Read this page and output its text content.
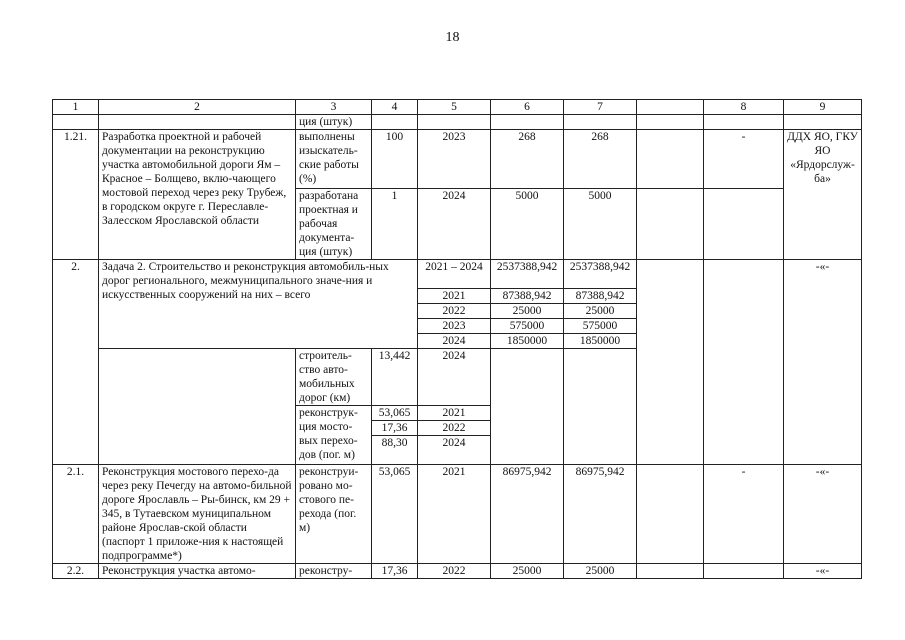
18
1	2	3	4	5	6	7		8	9
		ция (штук)							
1.21.	Разработка проектной и рабочей документации на реконструкцию участка автомобильной дороги Ям – Красное – Болщево, вклю-чающего мостовой переход через реку Трубеж, в городском округе г. Переславле-Залесском Ярославской области	выполнены изыскатель-ские работы (%)	100	2023	268	268		-	ДДХ ЯО, ГКУ ЯО «Ярдорслуж-ба»
		разработана проектная и рабочая документа-ция (штук)	1	2024	5000	5000			
2.	Задача 2. Строительство и реконструкция автомобиль-ных дорог регионального, межмуниципального значе-ния и искусственных сооружений на них – всего			2021 – 2024	2537388,942	2537388,942			-«-
				2021	87388,942	87388,942			
				2022	25000	25000			
				2023	575000	575000			
				2024	1850000	1850000			
		строитель-ство авто-мобильных дорог (км)	13,442	2024					
		реконструк-ция мосто-вых перехо-дов (пог. м)	53,065	2021					
			17,36	2022					
			88,30	2024					
2.1.	Реконструкция мостового перехо-да через реку Печегду на автомо-бильной дороге Ярославль – Ры-бинск, км 29 + 345, в Тутаевском муниципальном районе Ярослав-ской области (паспорт 1 приложе-ния к настоящей подпрограмме*)	реконструи-ровано мо-стового пе-рехода (пог. м)	53,065	2021	86975,942	86975,942		-	-«-
2.2.	Реконструкция участка автомо-	реконстру-	17,36	2022	25000	25000			-«-
